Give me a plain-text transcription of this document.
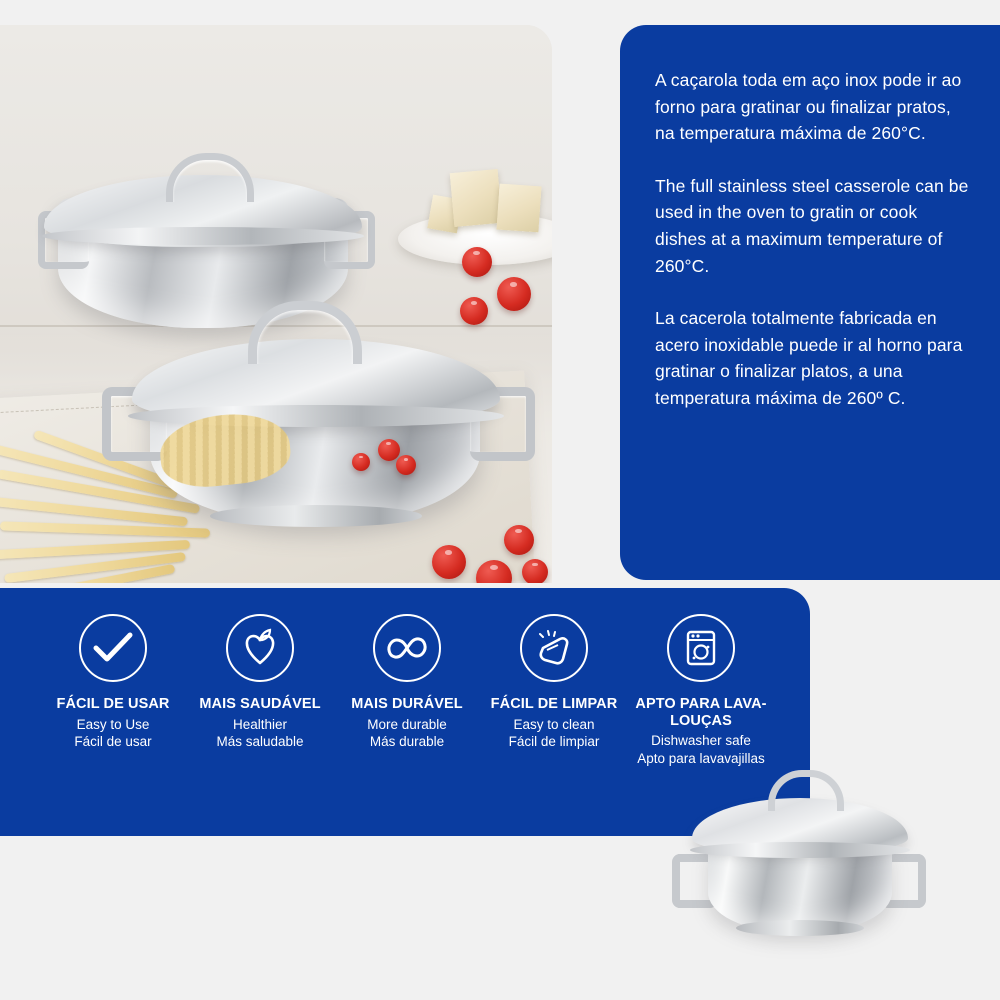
A caçarola toda em aço inox pode ir ao forno para gratinar ou finalizar pratos, na temperatura máxima de 260°C.

The full stainless steel casserole can be used in the oven to gratin or cook dishes at a maximum temperature of 260°C.

La cacerola totalmente fabricada en acero inoxidable puede ir al horno para gratinar o finalizar platos, a una temperatura máxima de 260º C.

FÁCIL DE USAR
Easy to Use
Fácil de usar
MAIS SAUDÁVEL
Healthier
Más saludable
MAIS DURÁVEL
More durable
Más durable
FÁCIL DE LIMPAR
Easy to clean
Fácil de limpiar
APTO PARA LAVA-LOUÇAS
Dishwasher safe
Apto para lavavajillas
